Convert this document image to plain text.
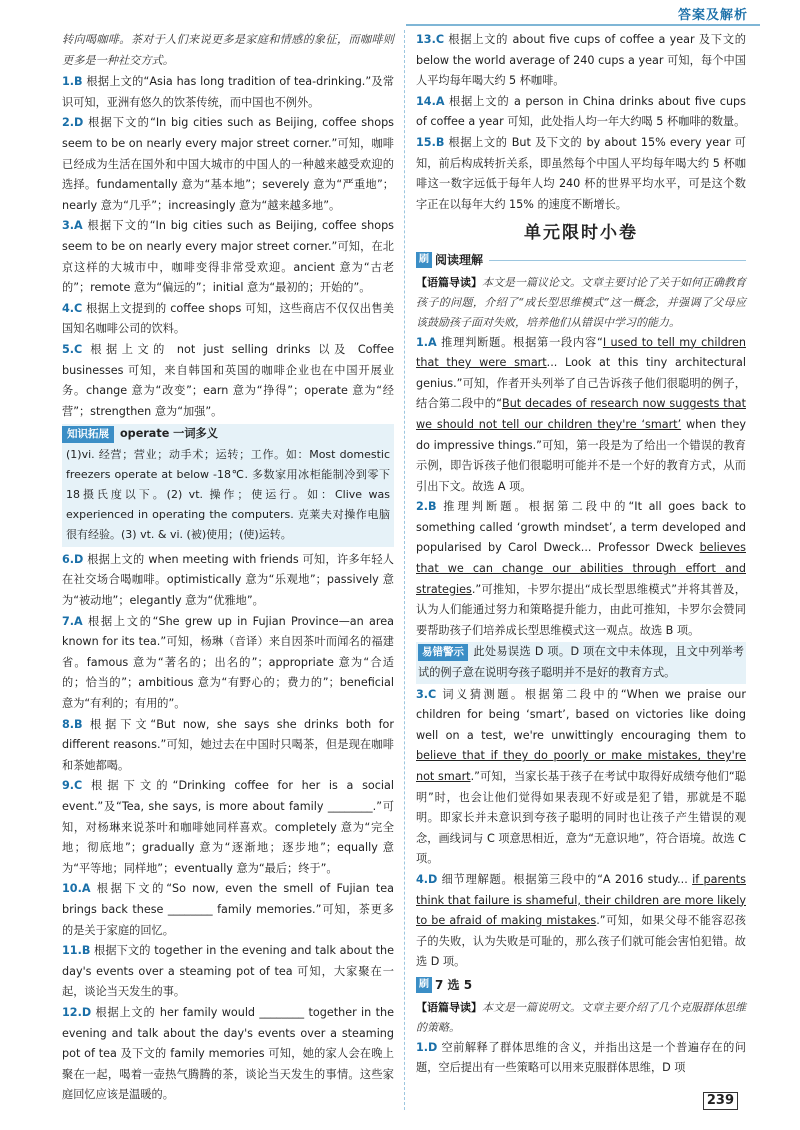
答案及解析

转向喝咖啡。茶对于人们来说更多是家庭和情感的象征，而咖啡则更多是一种社交方式。

1.B 根据上文的“Asia has long tradition of tea-drinking.”及常识可知，亚洲有悠久的饮茶传统，而中国也不例外。
2.D 根据下文的“In big cities such as Beijing, coffee shops seem to be on nearly every major street corner.”可知，咖啡已经成为生活在国外和中国大城市的中国人的一种越来越受欢迎的选择。fundamentally 意为“基本地”；severely 意为“严重地”；nearly 意为“几乎”；increasingly 意为“越来越多地”。
3.A 根据下文的“In big cities such as Beijing, coffee shops seem to be on nearly every major street corner.”可知，在北京这样的大城市中，咖啡变得非常受欢迎。ancient 意为“古老的”；remote 意为“偏远的”；initial 意为“最初的；开始的”。
4.C 根据上文提到的 coffee shops 可知，这些商店不仅仅出售美国知名咖啡公司的饮料。
5.C 根据上文的 not just selling drinks 以及 Coffee businesses 可知，来自韩国和英国的咖啡企业也在中国开展业务。change 意为“改变”；earn 意为“挣得”；operate 意为“经营”；strengthen 意为“加强”。
知识拓展 operate 一词多义
(1)vi. 经营；营业；动手术；运转；工作。如：Most domestic freezers operate at below -18℃. 多数家用冰柜能制冷到零下18摄氏度以下。(2) vt. 操作；使运行。如：Clive was experienced in operating the computers. 克莱夫对操作电脑很有经验。(3) vt. & vi. (被)使用；(使)运转。
6.D 根据上文的 when meeting with friends 可知，许多年轻人在社交场合喝咖啡。optimistically 意为“乐观地”；passively 意为“被动地”；elegantly 意为“优雅地”。
7.A 根据上文的“She grew up in Fujian Province—an area known for its tea.”可知，杨琳（音译）来自因茶叶而闻名的福建省。famous 意为“著名的；出名的”；appropriate 意为“合适的；恰当的”；ambitious 意为“有野心的；费力的”；beneficial 意为“有利的；有用的”。
8.B 根据下文“But now, she says she drinks both for different reasons.”可知，她过去在中国时只喝茶，但是现在咖啡和茶她都喝。
9.C 根据下文的“Drinking coffee for her is a social event.”及“Tea, she says, is more about family ________.”可知，对杨琳来说茶叶和咖啡她同样喜欢。completely 意为“完全地；彻底地”；gradually 意为“逐渐地；逐步地”；equally 意为“平等地；同样地”；eventually 意为“最后；终于”。
10.A 根据下文的“So now, even the smell of Fujian tea brings back these ________ family memories.”可知，茶更多的是关于家庭的回忆。
11.B 根据下文的 together in the evening and talk about the day's events over a steaming pot of tea 可知，大家聚在一起，谈论当天发生的事。
12.D 根据上文的 her family would ________ together in the evening and talk about the day's events over a steaming pot of tea 及下文的 family memories 可知，她的家人会在晚上聚在一起，喝着一壶热气腾腾的茶，谈论当天发生的事情。这些家庭回忆应该是温暖的。
13.C 根据上文的 about five cups of coffee a year 及下文的 below the world average of 240 cups a year 可知，每个中国人平均每年喝大约 5 杯咖啡。
14.A 根据上文的 a person in China drinks about five cups of coffee a year 可知，此处指人均一年大约喝 5 杯咖啡的数量。
15.B 根据上文的 But 及下文的 by about 15% every year 可知，前后构成转折关系，即虽然每个中国人平均每年喝大约 5 杯咖啡这一数字远低于每年人均 240 杯的世界平均水平，可是这个数字正在以每年大约 15% 的速度不断增长。
单元限时小卷
刷 阅读理解
【语篇导读】本文是一篇议论文。文章主要讨论了关于如何正确教育孩子的问题，介绍了“成长型思维模式”这一概念，并强调了父母应该鼓励孩子面对失败，培养他们从错误中学习的能力。
1.A 推理判断题。根据第一段内容“I used to tell my children that they were smart... Look at this tiny architectural genius.”可知，作者开头列举了自己告诉孩子他们很聪明的例子，结合第二段中的“But decades of research now suggests that we should not tell our children they're ‘smart’ when they do impressive things.”可知，第一段是为了给出一个错误的教育示例，即告诉孩子他们很聪明可能并不是一个好的教育方式，从而引出下文。故选 A 项。
2.B 推理判断题。根据第二段中的“It all goes back to something called ‘growth mindset’, a term developed and popularised by Carol Dweck... Professor Dweck believes that we can change our abilities through effort and strategies.”可推知，卡罗尔提出“成长型思维模式”并将其普及，认为人们能通过努力和策略提升能力，由此可推知，卡罗尔会赞同要帮助孩子们培养成长型思维模式这一观点。故选 B 项。
易错警示 此处易误选 D 项。D 项在文中未体现，且文中列举考试的例子意在说明夸孩子聪明并不是好的教育方式。
3.C 词义猜测题。根据第二段中的“When we praise our children for being ‘smart’, based on victories like doing well on a test, we're unwittingly encouraging them to believe that if they do poorly or make mistakes, they're not smart.”可知，当家长基于孩子在考试中取得好成绩夸他们“聪明”时，也会让他们觉得如果表现不好或是犯了错，那就是不聪明。即家长并未意识到夸孩子聪明的同时也让孩子产生错误的观念，画线词与 C 项意思相近，意为“无意识地”，符合语境。故选 C 项。
4.D 细节理解题。根据第三段中的“A 2016 study... if parents think that failure is shameful, their children are more likely to be afraid of making mistakes.”可知，如果父母不能容忍孩子的失败，认为失败是可耻的，那么孩子们就可能会害怕犯错。故选 D 项。
刷 7 选 5
【语篇导读】本文是一篇说明文。文章主要介绍了几个克服群体思维的策略。
1.D 空前解释了群体思维的含义，并指出这是一个普遍存在的问题，空后提出有一些策略可以用来克服群体思维，D 项
239
